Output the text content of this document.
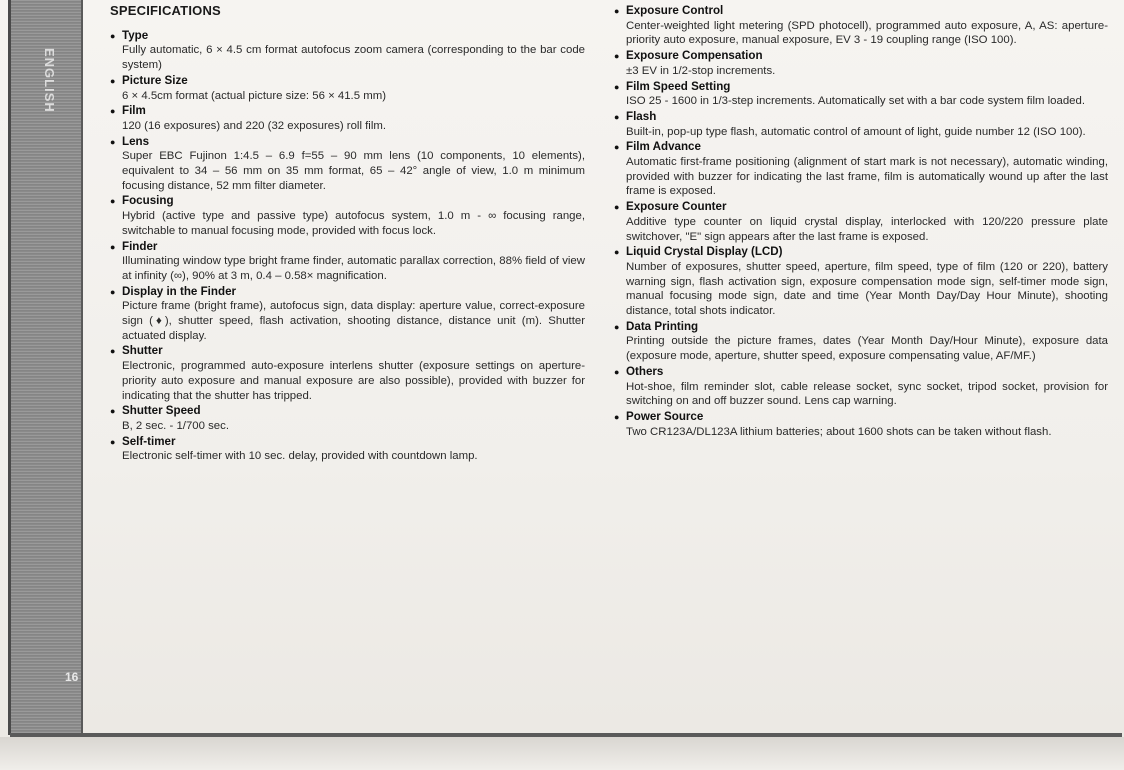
ENGLISH
16
SPECIFICATIONS
● Type
Fully automatic, 6 × 4.5 cm format autofocus zoom camera (corresponding to the bar code system)
● Picture Size
6 × 4.5cm format (actual picture size: 56 × 41.5 mm)
● Film
120 (16 exposures) and 220 (32 exposures) roll film.
● Lens
Super EBC Fujinon 1:4.5 – 6.9 f=55 – 90 mm lens (10 components, 10 elements), equivalent to 34 – 56 mm on 35 mm format, 65 – 42° angle of view, 1.0 m minimum focusing distance, 52 mm filter diameter.
● Focusing
Hybrid (active type and passive type) autofocus system, 1.0 m - ∞ focusing range, switchable to manual focusing mode, provided with focus lock.
● Finder
Illuminating window type bright frame finder, automatic parallax correction, 88% field of view at infinity (∞), 90% at 3 m, 0.4 – 0.58× magnification.
● Display in the Finder
Picture frame (bright frame), autofocus sign, data display: aperture value, correct-exposure sign (♦), shutter speed, flash activation, shooting distance, distance unit (m). Shutter actuated display.
● Shutter
Electronic, programmed auto-exposure interlens shutter (exposure settings on aperture-priority auto exposure and manual exposure are also possible), provided with buzzer for indicating that the shutter has tripped.
● Shutter Speed
B, 2 sec. - 1/700 sec.
● Self-timer
Electronic self-timer with 10 sec. delay, provided with countdown lamp.
● Exposure Control
Center-weighted light metering (SPD photocell), programmed auto exposure, A, AS: aperture-priority auto exposure, manual exposure, EV 3 - 19 coupling range (ISO 100).
● Exposure Compensation
±3 EV in 1/2-stop increments.
● Film Speed Setting
ISO 25 - 1600 in 1/3-step increments. Automatically set with a bar code system film loaded.
● Flash
Built-in, pop-up type flash, automatic control of amount of light, guide number 12 (ISO 100).
● Film Advance
Automatic first-frame positioning (alignment of start mark is not necessary), automatic winding, provided with buzzer for indicating the last frame, film is automatically wound up after the last frame is exposed.
● Exposure Counter
Additive type counter on liquid crystal display, interlocked with 120/220 pressure plate switchover, "E" sign appears after the last frame is exposed.
● Liquid Crystal Display (LCD)
Number of exposures, shutter speed, aperture, film speed, type of film (120 or 220), battery warning sign, flash activation sign, exposure compensation mode sign, self-timer mode sign, manual focusing mode sign, date and time (Year Month Day/Day Hour Minute), shooting distance, total shots indicator.
● Data Printing
Printing outside the picture frames, dates (Year Month Day/Hour Minute), exposure data (exposure mode, aperture, shutter speed, exposure compensating value, AF/MF.)
● Others
Hot-shoe, film reminder slot, cable release socket, sync socket, tripod socket, provision for switching on and off buzzer sound. Lens cap warning.
● Power Source
Two CR123A/DL123A lithium batteries; about 1600 shots can be taken without flash.
